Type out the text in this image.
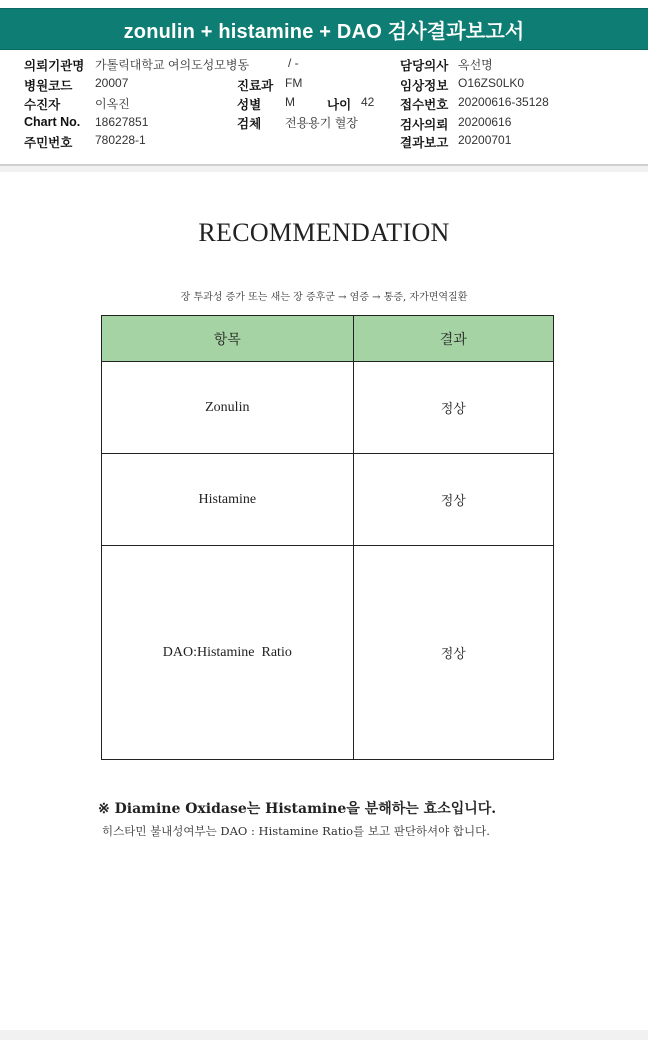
zonulin + histamine + DAO 검사결과보고서
의뢰기관명 가톨릭대학교 여의도성모병동
병원코드 20007
수진자	이옥진
Chart No. 18627851
주민번호 780228-1
/ -
진료과 FM
성별 M	나이 42
검체 전용용기 혈장
담당의사 옥선명
임상정보 O16ZS0LK0
접수번호 20200616-35128
검사의뢰 20200616
결과보고 20200701
RECOMMENDATION
장 투과성 증가 또는 새는 장 증후군 → 염증 → 통증, 자가면역질환
항목	결과
Zonulin	정상
Histamine	정상
DAO:Histamine  Ratio	정상
※ Diamine Oxidase는 Histamine을 분해하는 효소입니다.
히스타민 불내성여부는 DAO : Histamine Ratio를 보고 판단하셔야 합니다.
